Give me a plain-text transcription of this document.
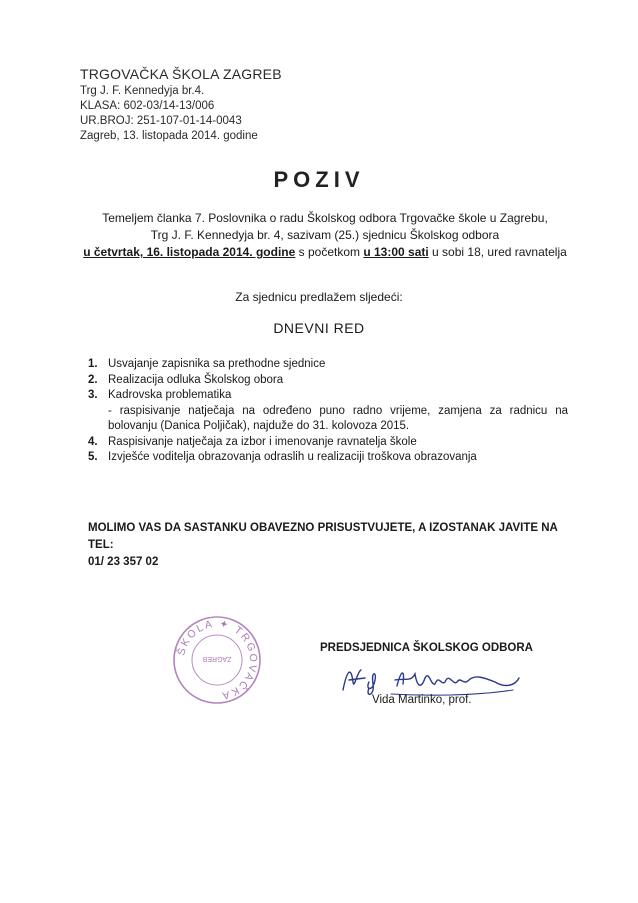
TRGOVAČKA ŠKOLA ZAGREB
Trg J. F. Kennedyja br.4.
KLASA: 602-03/14-13/006
UR.BROJ: 251-107-01-14-0043
Zagreb, 13. listopada 2014. godine
POZIV
Temeljem članka 7. Poslovnika o radu Školskog odbora Trgovačke škole u Zagrebu,
Trg J. F. Kennedyja br. 4, sazivam (25.) sjednicu Školskog odbora
u četvrtak, 16. listopada 2014. godine s početkom u 13:00 sati u sobi 18, ured ravnatelja
Za sjednicu predlažem sljedeći:
DNEVNI RED
1. Usvajanje zapisnika sa prethodne sjednice
2. Realizacija odluka Školskog obora
3. Kadrovska problematika
- raspisivanje natječaja na određeno puno radno vrijeme, zamjena za radnicu na bolovanju (Danica Poljičak), najduže do 31. kolovoza 2015.
4. Raspisivanje natječaja za izbor i imenovanje ravnatelja škole
5. Izvješće voditelja obrazovanja odraslih u realizaciji troškova obrazovanja
MOLIMO VAS DA SASTANKU OBAVEZNO PRISUSTVUJETE, A IZOSTANAK JAVITE NA TEL:
01/ 23 357 02
ŠKOLA ✦ TRGOVAČKA
ZAGREB
PREDSJEDNICA ŠKOLSKOG ODBORA
Vida Martinko, prof.
